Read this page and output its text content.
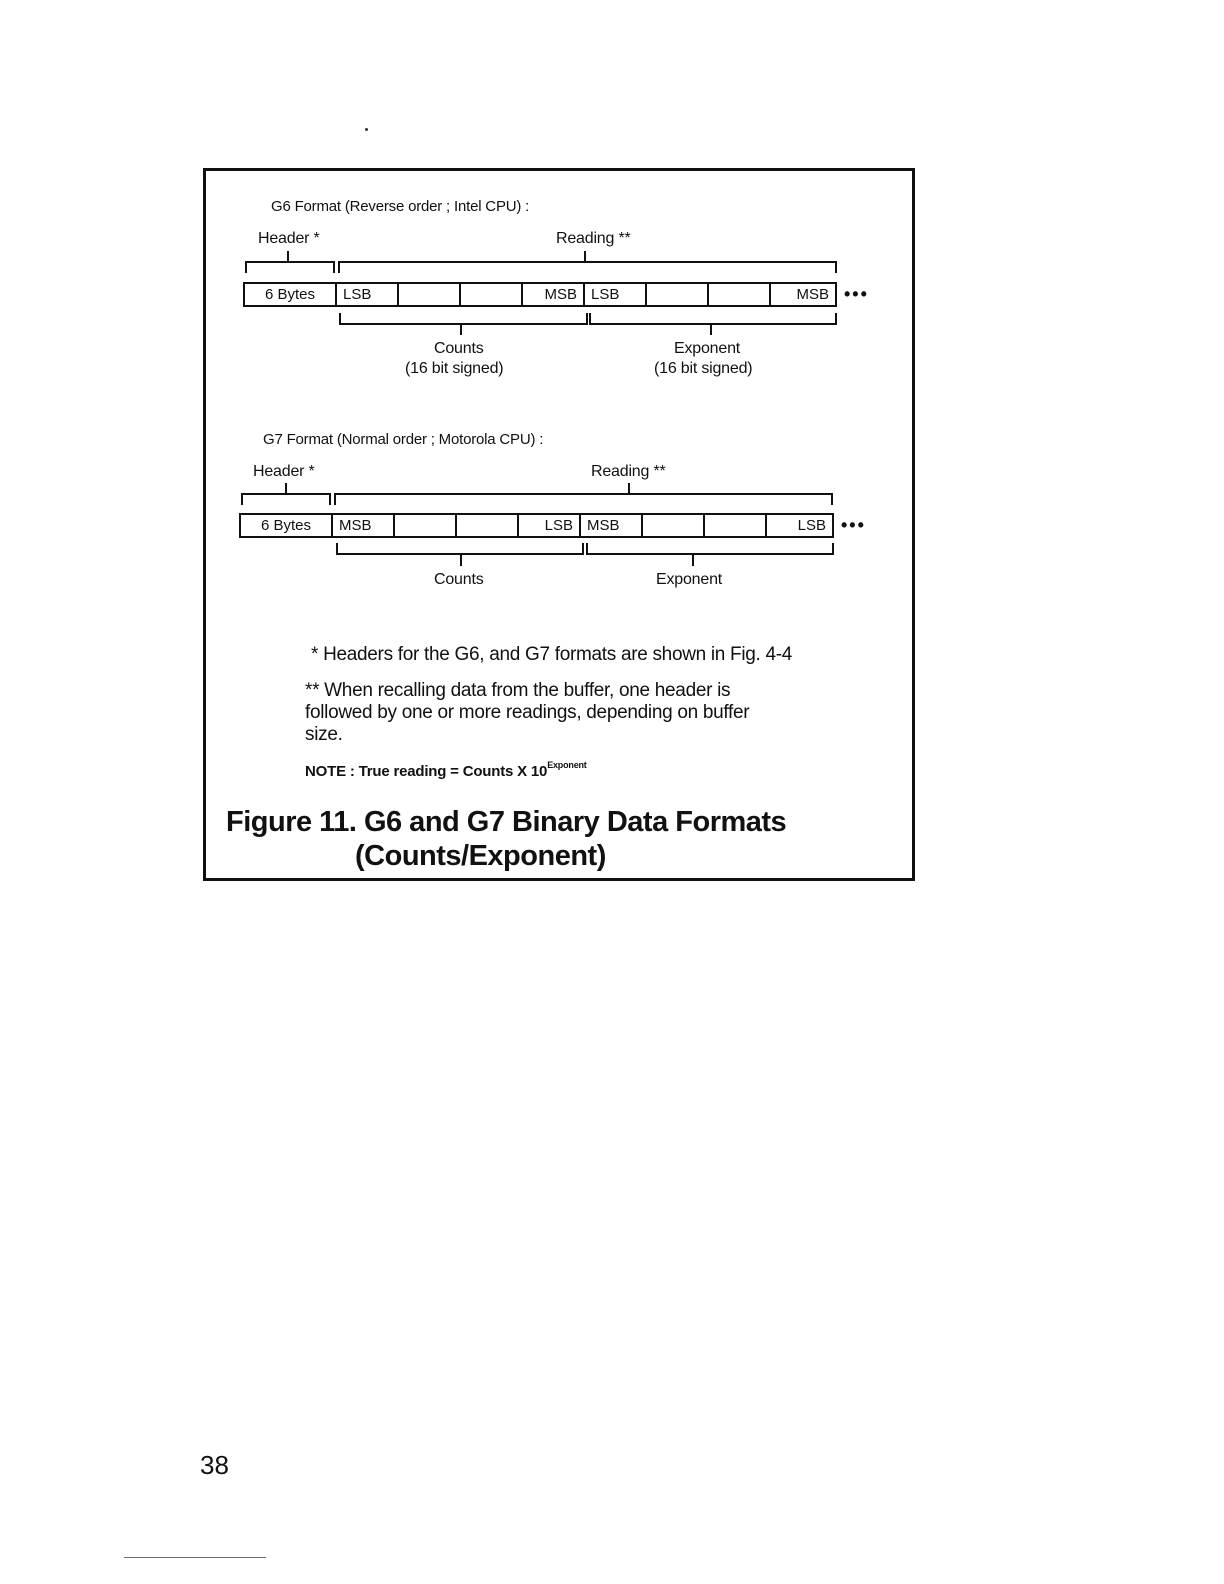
G6 Format (Reverse order ; Intel CPU) :
Header *	Reading **
6 Bytes	LSB	MSB LSB	MSB •••
Counts
(16 bit signed)
Exponent
(16 bit signed)
G7 Format (Normal order ; Motorola CPU) :
Header *	Reading **
6 Bytes	MSB	LSB MSB	LSB •••
Counts	Exponent
* Headers for the G6, and G7 formats are shown in Fig. 4-4
** When recalling data from the buffer, one header is followed by one or more readings, depending on buffer size.
NOTE : True reading = Counts X $10^{Exponent}$
Figure 11. G6 and G7 Binary Data Formats
(Counts/Exponent)
38
